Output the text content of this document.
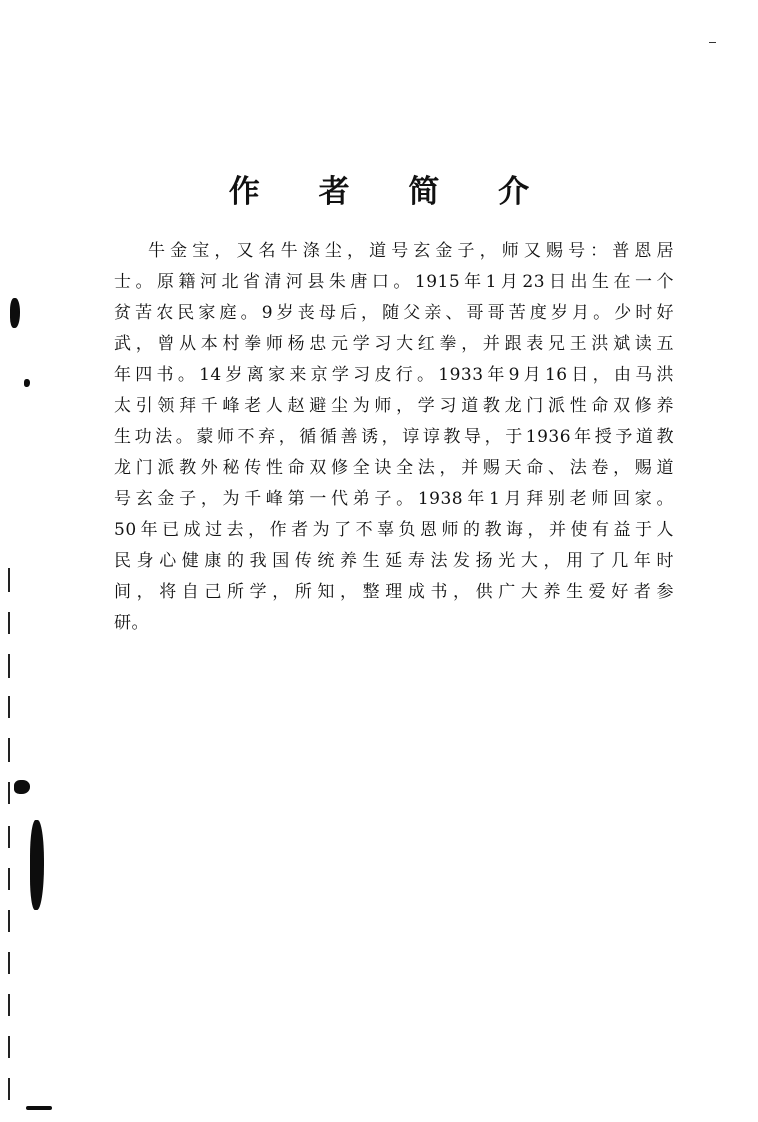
作 者 简 介
牛金宝，又名牛涤尘，道号玄金子，师又赐号：普恩居
士。原籍河北省清河县朱唐口。1915年1月23日出生在一个
贫苦农民家庭。9岁丧母后，随父亲、哥哥苦度岁月。少时好
武，曾从本村拳师杨忠元学习大红拳，并跟表兄王洪斌读五
年四书。14岁离家来京学习皮行。1933年9月16日，由马洪
太引领拜千峰老人赵避尘为师，学习道教龙门派性命双修养
生功法。蒙师不弃，循循善诱，谆谆教导，于1936年授予道教
龙门派教外秘传性命双修全诀全法，并赐天命、法卷，赐道
号玄金子，为千峰第一代弟子。1938年1月拜别老师回家。
50年已成过去，作者为了不辜负恩师的教诲，并使有益于人
民身心健康的我国传统养生延寿法发扬光大，用了几年时
间，将自己所学，所知，整理成书，供广大养生爱好者参
研。
